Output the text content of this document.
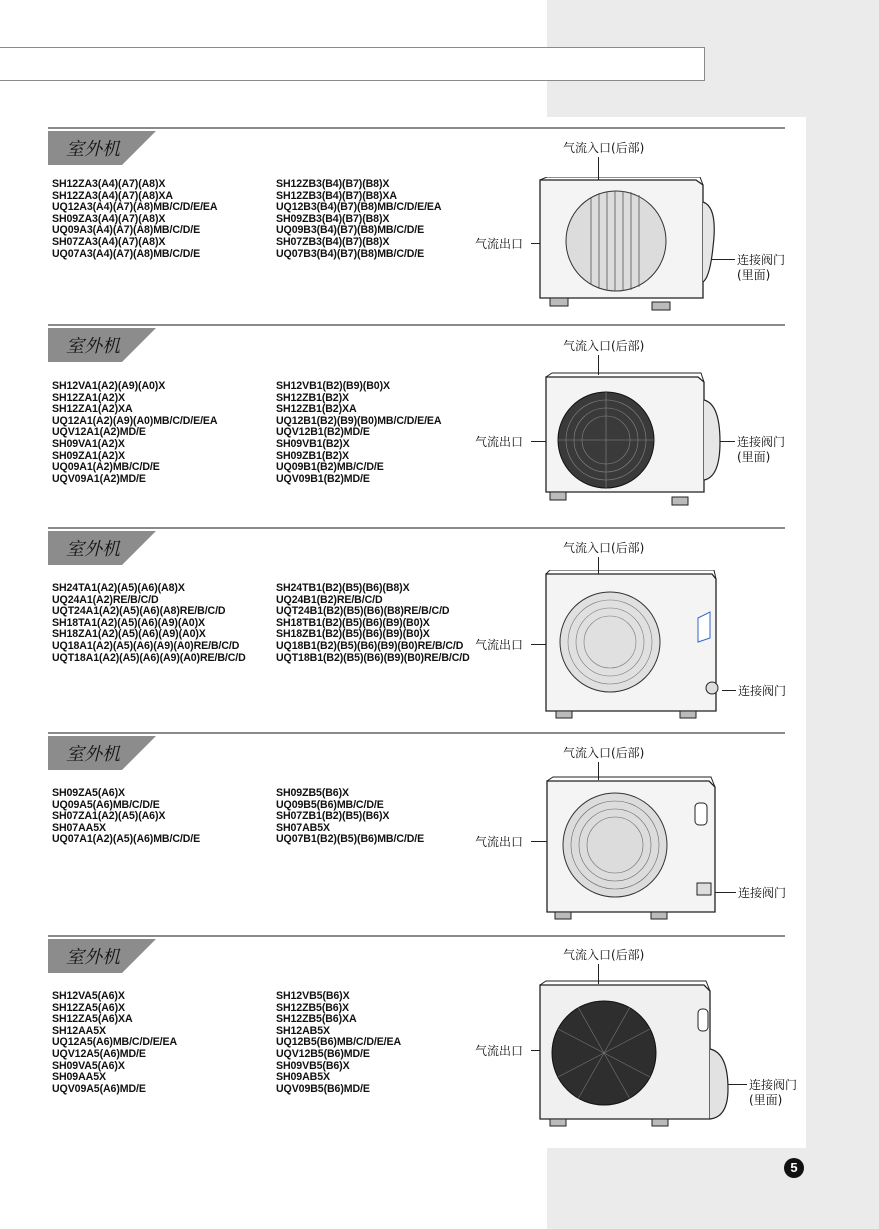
室外机
SH12ZA3(A4)(A7)(A8)X
SH12ZA3(A4)(A7)(A8)XA
UQ12A3(A4)(A7)(A8)MB/C/D/E/EA
SH09ZA3(A4)(A7)(A8)X
UQ09A3(A4)(A7)(A8)MB/C/D/E
SH07ZA3(A4)(A7)(A8)X
UQ07A3(A4)(A7)(A8)MB/C/D/E
SH12ZB3(B4)(B7)(B8)X
SH12ZB3(B4)(B7)(B8)XA
UQ12B3(B4)(B7)(B8)MB/C/D/E/EA
SH09ZB3(B4)(B7)(B8)X
UQ09B3(B4)(B7)(B8)MB/C/D/E
SH07ZB3(B4)(B7)(B8)X
UQ07B3(B4)(B7)(B8)MB/C/D/E
气流入口(后部)
气流出口
连接阀门
(里面)
室外机
SH12VA1(A2)(A9)(A0)X
SH12ZA1(A2)X
SH12ZA1(A2)XA
UQ12A1(A2)(A9)(A0)MB/C/D/E/EA
UQV12A1(A2)MD/E
SH09VA1(A2)X
SH09ZA1(A2)X
UQ09A1(A2)MB/C/D/E
UQV09A1(A2)MD/E
SH12VB1(B2)(B9)(B0)X
SH12ZB1(B2)X
SH12ZB1(B2)XA
UQ12B1(B2)(B9)(B0)MB/C/D/E/EA
UQV12B1(B2)MD/E
SH09VB1(B2)X
SH09ZB1(B2)X
UQ09B1(B2)MB/C/D/E
UQV09B1(B2)MD/E
气流入口(后部)
气流出口	连接阀门
(里面)
室外机
SH24TA1(A2)(A5)(A6)(A8)X
UQ24A1(A2)RE/B/C/D
UQT24A1(A2)(A5)(A6)(A8)RE/B/C/D
SH18TA1(A2)(A5)(A6)(A9)(A0)X
SH18ZA1(A2)(A5)(A6)(A9)(A0)X
UQ18A1(A2)(A5)(A6)(A9)(A0)RE/B/C/D
UQT18A1(A2)(A5)(A6)(A9)(A0)RE/B/C/D
SH24TB1(B2)(B5)(B6)(B8)X
UQ24B1(B2)RE/B/C/D
UQT24B1(B2)(B5)(B6)(B8)RE/B/C/D
SH18TB1(B2)(B5)(B6)(B9)(B0)X
SH18ZB1(B2)(B5)(B6)(B9)(B0)X
UQ18B1(B2)(B5)(B6)(B9)(B0)RE/B/C/D
UQT18B1(B2)(B5)(B6)(B9)(B0)RE/B/C/D
气流入口(后部)
气流出口
连接阀门
室外机
SH09ZA5(A6)X
UQ09A5(A6)MB/C/D/E
SH07ZA1(A2)(A5)(A6)X
SH07AA5X
UQ07A1(A2)(A5)(A6)MB/C/D/E
SH09ZB5(B6)X
UQ09B5(B6)MB/C/D/E
SH07ZB1(B2)(B5)(B6)X
SH07AB5X
UQ07B1(B2)(B5)(B6)MB/C/D/E
气流入口(后部)
气流出口
连接阀门
室外机
SH12VA5(A6)X
SH12ZA5(A6)X
SH12ZA5(A6)XA
SH12AA5X
UQ12A5(A6)MB/C/D/E/EA
UQV12A5(A6)MD/E
SH09VA5(A6)X
SH09AA5X
UQV09A5(A6)MD/E
SH12VB5(B6)X
SH12ZB5(B6)X
SH12ZB5(B6)XA
SH12AB5X
UQ12B5(B6)MB/C/D/E/EA
UQV12B5(B6)MD/E
SH09VB5(B6)X
SH09AB5X
UQV09B5(B6)MD/E
气流入口(后部)
气流出口
连接阀门
(里面)
5
